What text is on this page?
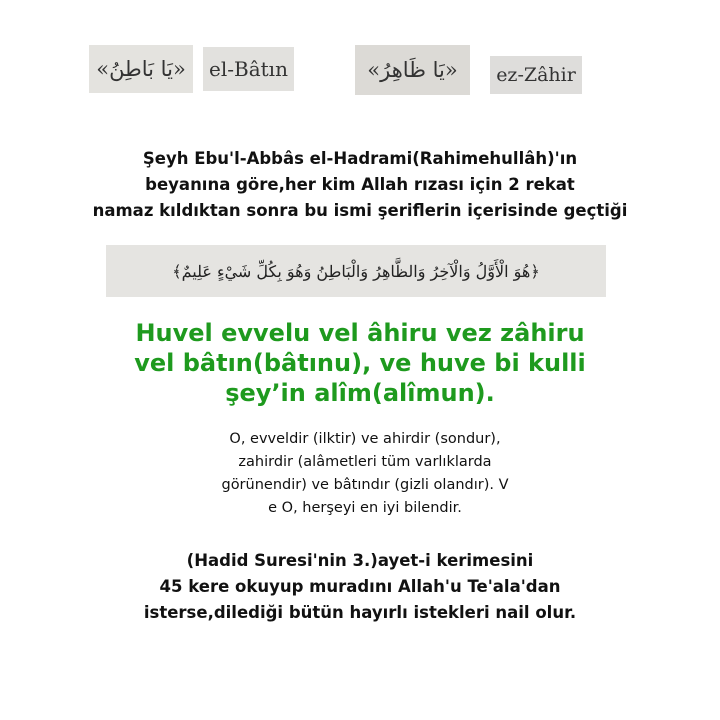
«يَا بَاطِنُ»	el-Bâtın	«يَا ظَاهِرُ»	ez-Zâhir
Şeyh Ebu'l-Abbâs el-Hadrami(Rahimehullâh)'ın
beyanına göre,her kim Allah rızası için 2 rekat
namaz kıldıktan sonra bu ismi şeriflerin içerisinde geçtiği
﴿هُوَ الْأَوَّلُ وَالْآخِرُ وَالظَّاهِرُ وَالْبَاطِنُ وَهُوَ بِكُلِّ شَيْءٍ عَلِيمٌ﴾
Huvel evvelu vel âhiru vez zâhiru
vel bâtın(bâtınu), ve huve bi kulli
şey’in alîm(alîmun).
O, evveldir (ilktir) ve ahirdir (sondur),
zahirdir (alâmetleri tüm varlıklarda
görünendir) ve bâtındır (gizli olandır). V
e O, herşeyi en iyi bilendir.
(Hadid Suresi'nin 3.)ayet-i kerimesini
45 kere okuyup muradını Allah'u Te'ala'dan
isterse,dilediği bütün hayırlı istekleri nail olur.
